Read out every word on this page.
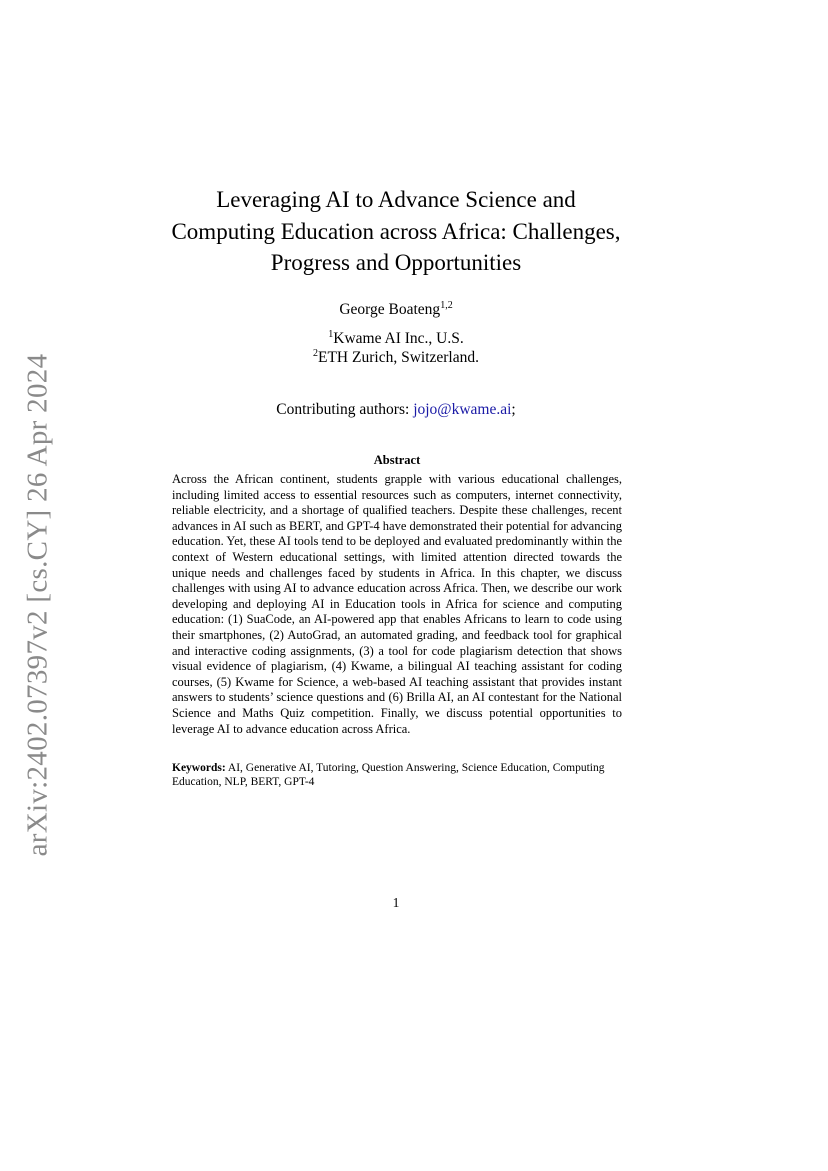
arXiv:2402.07397v2 [cs.CY] 26 Apr 2024
Leveraging AI to Advance Science and
Computing Education across Africa: Challenges,
Progress and Opportunities
George Boateng$^{1,2}$
$^1$Kwame AI Inc., U.S.
$^2$ETH Zurich, Switzerland.
Contributing authors: jojo@kwame.ai;
Abstract

Across the African continent, students grapple with various educational challenges, including limited access to essential resources such as computers, internet connectivity, reliable electricity, and a shortage of qualified teachers. Despite these challenges, recent advances in AI such as BERT, and GPT-4 have demonstrated their potential for advancing education. Yet, these AI tools tend to be deployed and evaluated predominantly within the context of Western educational settings, with limited attention directed towards the unique needs and challenges faced by students in Africa. In this chapter, we discuss challenges with using AI to advance education across Africa. Then, we describe our work developing and deploying AI in Education tools in Africa for science and computing education: (1) SuaCode, an AI-powered app that enables Africans to learn to code using their smartphones, (2) AutoGrad, an automated grading, and feedback tool for graphical and interactive coding assignments, (3) a tool for code plagiarism detection that shows visual evidence of plagiarism, (4) Kwame, a bilingual AI teaching assistant for coding courses, (5) Kwame for Science, a web-based AI teaching assistant that provides instant answers to students’ science questions and (6) Brilla AI, an AI contestant for the National Science and Maths Quiz competition. Finally, we discuss potential opportunities to leverage AI to advance education across Africa.

Keywords: AI, Generative AI, Tutoring, Question Answering, Science Education, Computing Education, NLP, BERT, GPT-4

1
